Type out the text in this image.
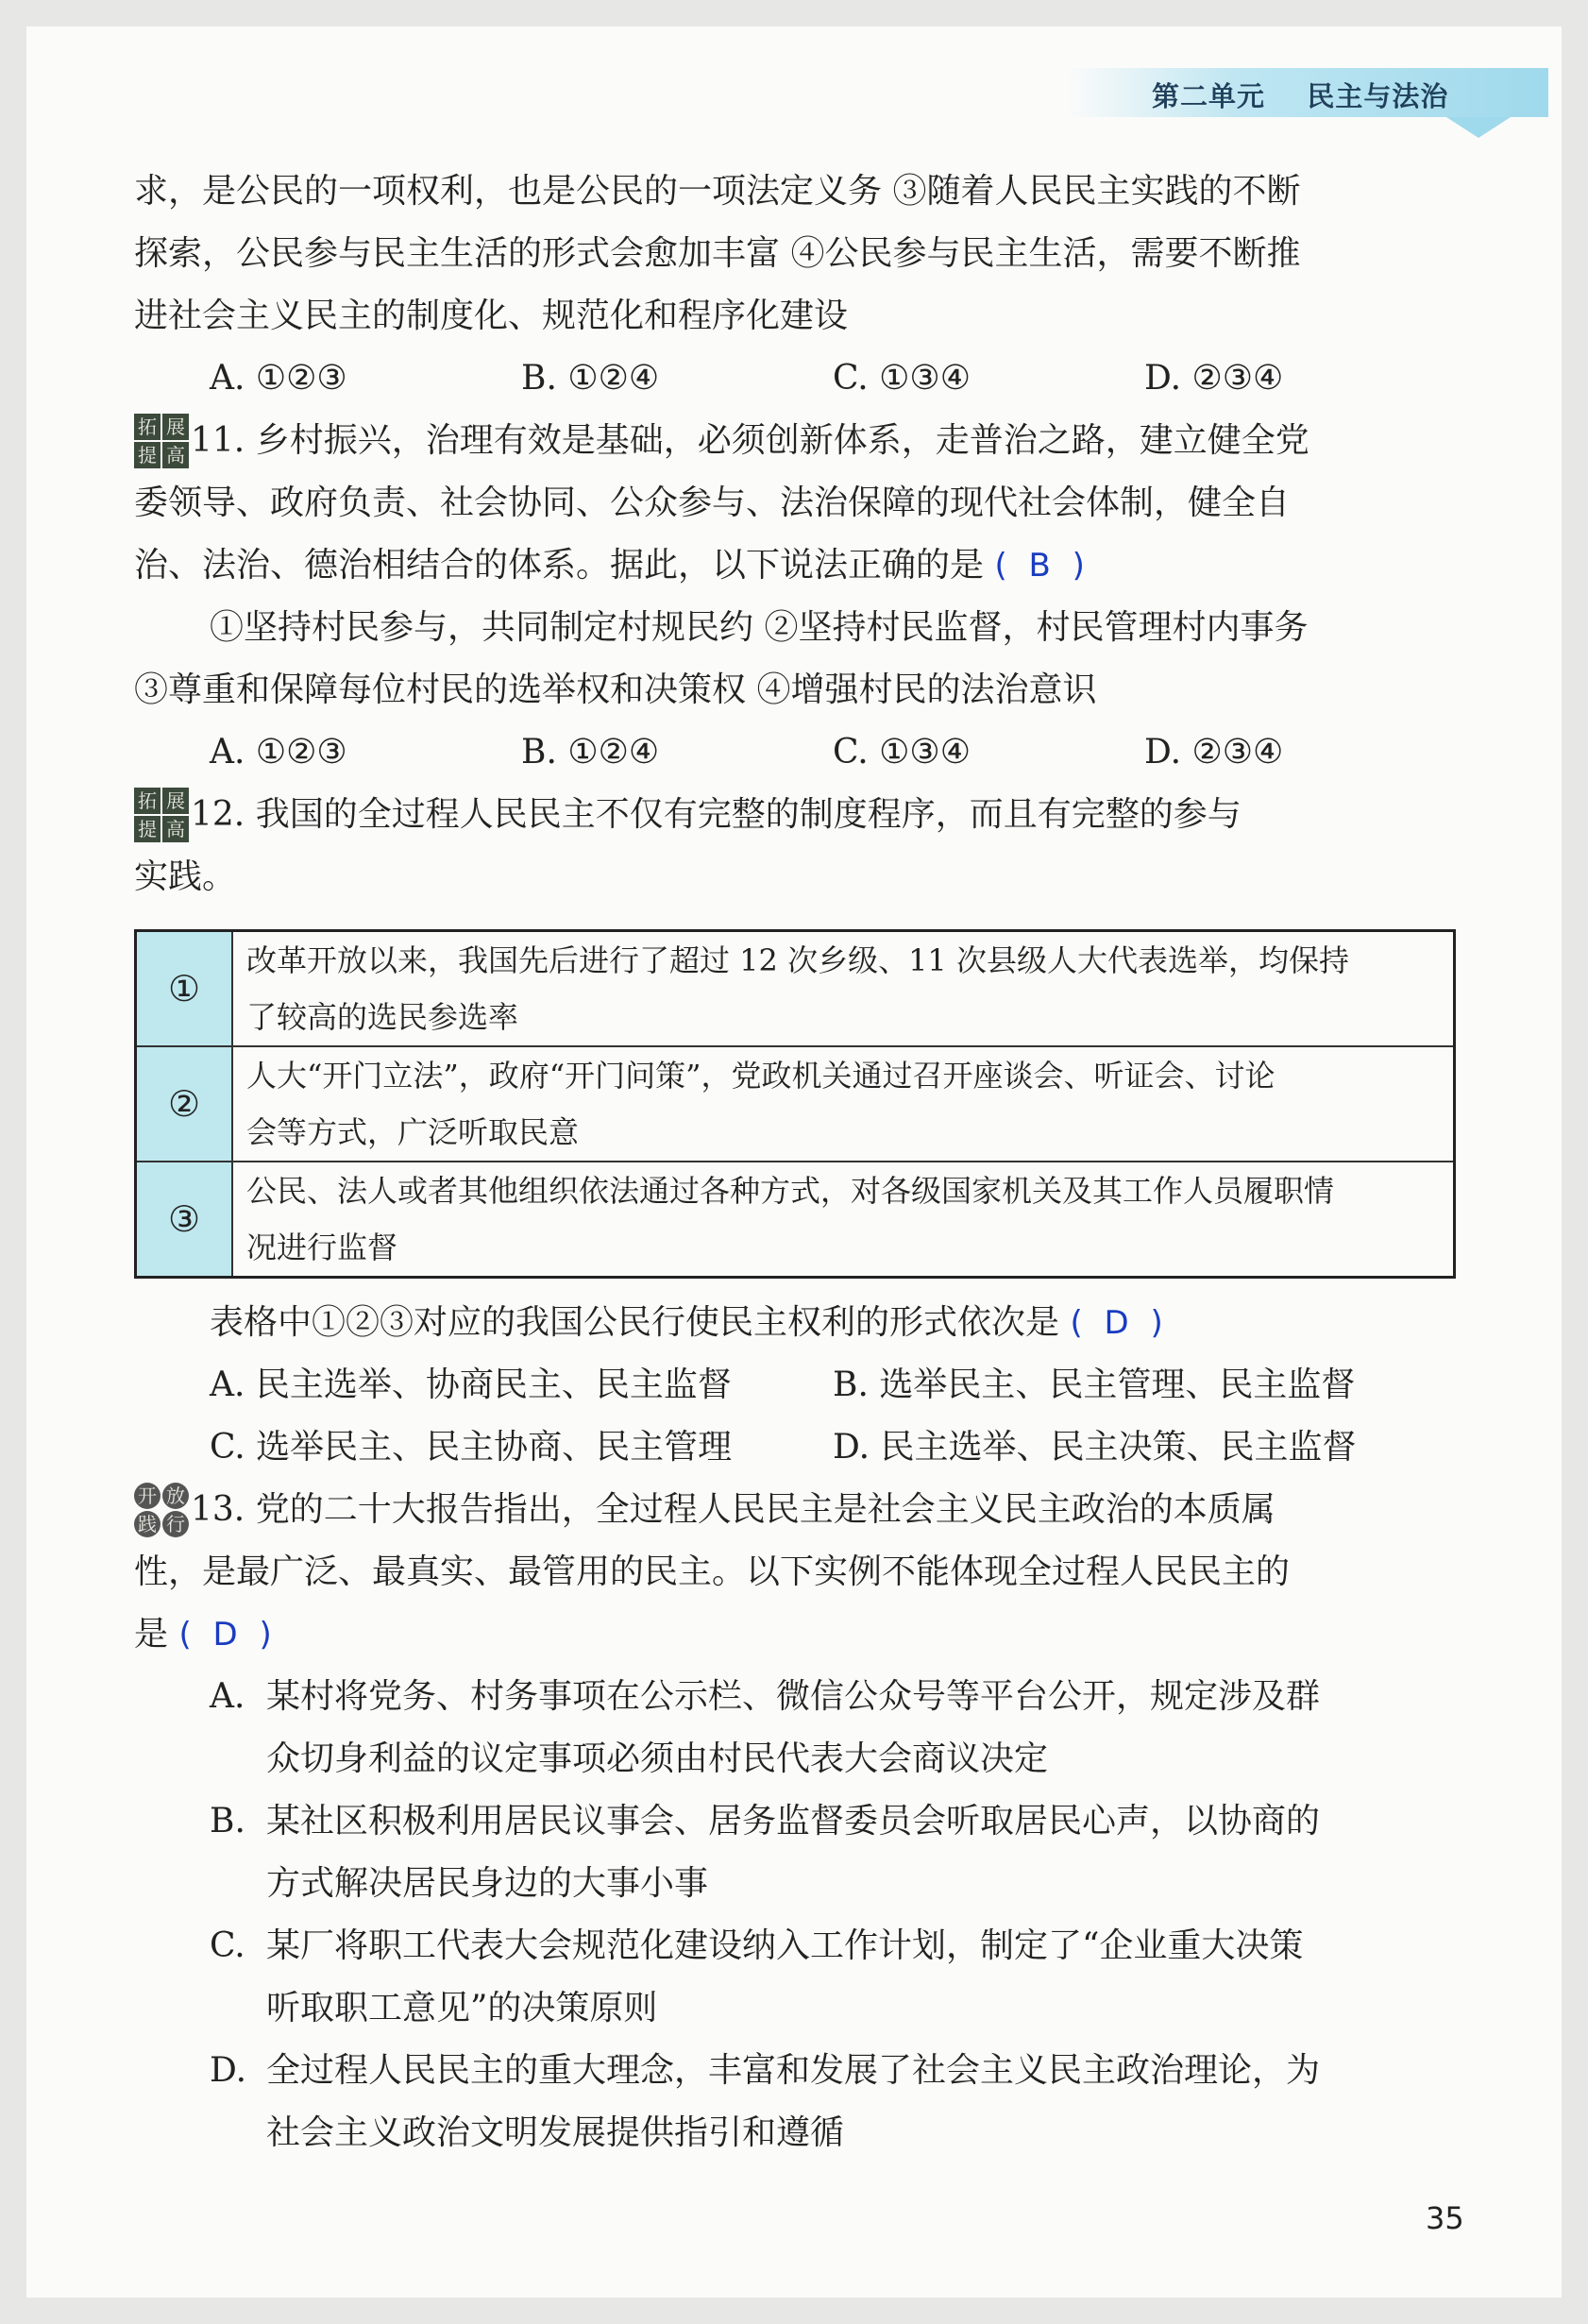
第二单元    民主与法治

求，是公民的一项权利，也是公民的一项法定义务 ③随着人民民主实践的不断

探索，公民参与民主生活的形式会愈加丰富 ④公民参与民主生活，需要不断推

进社会主义民主的制度化、规范化和程序化建设

A. ①②③	B. ①②④	C. ①③④	D. ②③④
拓 展
提 高 11. 乡村振兴，治理有效是基础，必须创新体系，走普治之路，建立健全党

委领导、政府负责、社会协同、公众参与、法治保障的现代社会体制，健全自

治、法治、德治相结合的体系。据此，以下说法正确的是 ( B )

①坚持村民参与，共同制定村规民约 ②坚持村民监督，村民管理村内事务

③尊重和保障每位村民的选举权和决策权 ④增强村民的法治意识

A. ①②③	B. ①②④	C. ①③④	D. ②③④
拓 展
提 高 12. 我国的全过程人民民主不仅有完整的制度程序，而且有完整的参与

实践。

①	改革开放以来，我国先后进行了超过 12 次乡级、11 次县级人大代表选举，均保持
了较高的选民参选率

②	人大“开门立法”，政府“开门问策”，党政机关通过召开座谈会、听证会、讨论
会等方式，广泛听取民意

③	公民、法人或者其他组织依法通过各种方式，对各级国家机关及其工作人员履职情
况进行监督

表格中①②③对应的我国公民行使民主权利的形式依次是 ( D )

A. 民主选举、协商民主、民主监督	B. 选举民主、民主管理、民主监督
C. 选举民主、民主协商、民主管理	D. 民主选举、民主决策、民主监督
开 放
践 行 13. 党的二十大报告指出，全过程人民民主是社会主义民主政治的本质属

性，是最广泛、最真实、最管用的民主。以下实例不能体现全过程人民民主的

是 ( D )

A. 某村将党务、村务事项在公示栏、微信公众号等平台公开，规定涉及群
众切身利益的议定事项必须由村民代表大会商议决定
B. 某社区积极利用居民议事会、居务监督委员会听取居民心声，以协商的
方式解决居民身边的大事小事
C. 某厂将职工代表大会规范化建设纳入工作计划，制定了“企业重大决策
听取职工意见”的决策原则
D. 全过程人民民主的重大理念，丰富和发展了社会主义民主政治理论，为
社会主义政治文明发展提供指引和遵循
35
